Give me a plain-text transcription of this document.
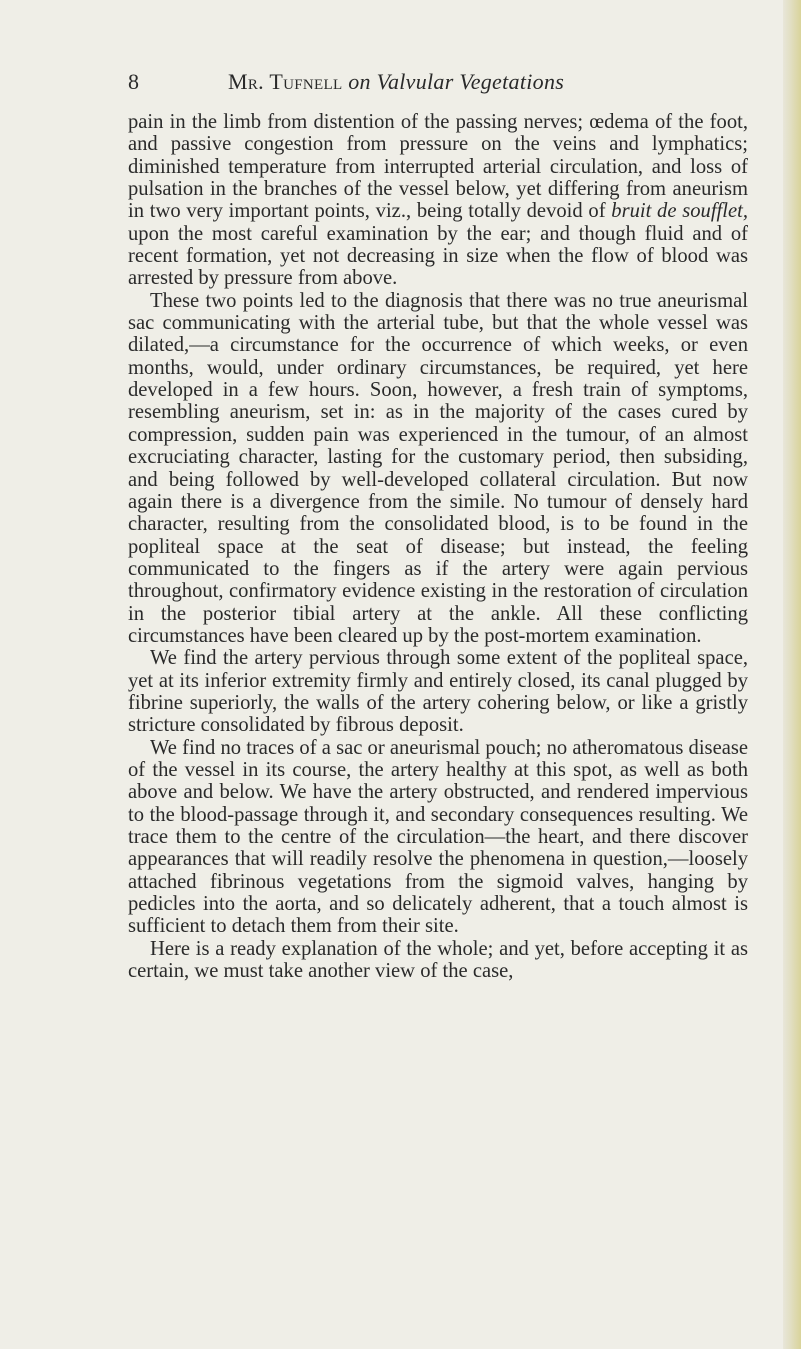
8	Mr. Tufnell on Valvular Vegetations

pain in the limb from distention of the passing nerves; œdema of the foot, and passive congestion from pressure on the veins and lymphatics; diminished temperature from interrupted arterial circulation, and loss of pulsation in the branches of the vessel below, yet differing from aneurism in two very important points, viz., being totally devoid of bruit de soufflet, upon the most careful examination by the ear; and though fluid and of recent formation, yet not decreasing in size when the flow of blood was arrested by pressure from above.

These two points led to the diagnosis that there was no true aneurismal sac communicating with the arterial tube, but that the whole vessel was dilated,—a circumstance for the occurrence of which weeks, or even months, would, under ordinary circumstances, be required, yet here developed in a few hours. Soon, however, a fresh train of symptoms, resembling aneurism, set in: as in the majority of the cases cured by compression, sudden pain was experienced in the tumour, of an almost excruciating character, lasting for the customary period, then subsiding, and being followed by well-developed collateral circulation. But now again there is a divergence from the simile. No tumour of densely hard character, resulting from the consolidated blood, is to be found in the popliteal space at the seat of disease; but instead, the feeling communicated to the fingers as if the artery were again pervious throughout, confirmatory evidence existing in the restoration of circulation in the posterior tibial artery at the ankle. All these conflicting circumstances have been cleared up by the post-mortem examination.

We find the artery pervious through some extent of the popliteal space, yet at its inferior extremity firmly and entirely closed, its canal plugged by fibrine superiorly, the walls of the artery cohering below, or like a gristly stricture consolidated by fibrous deposit.

We find no traces of a sac or aneurismal pouch; no atheromatous disease of the vessel in its course, the artery healthy at this spot, as well as both above and below. We have the artery obstructed, and rendered impervious to the blood-passage through it, and secondary consequences resulting. We trace them to the centre of the circulation—the heart, and there discover appearances that will readily resolve the phenomena in question,—loosely attached fibrinous vegetations from the sigmoid valves, hanging by pedicles into the aorta, and so delicately adherent, that a touch almost is sufficient to detach them from their site.

Here is a ready explanation of the whole; and yet, before accepting it as certain, we must take another view of the case,
